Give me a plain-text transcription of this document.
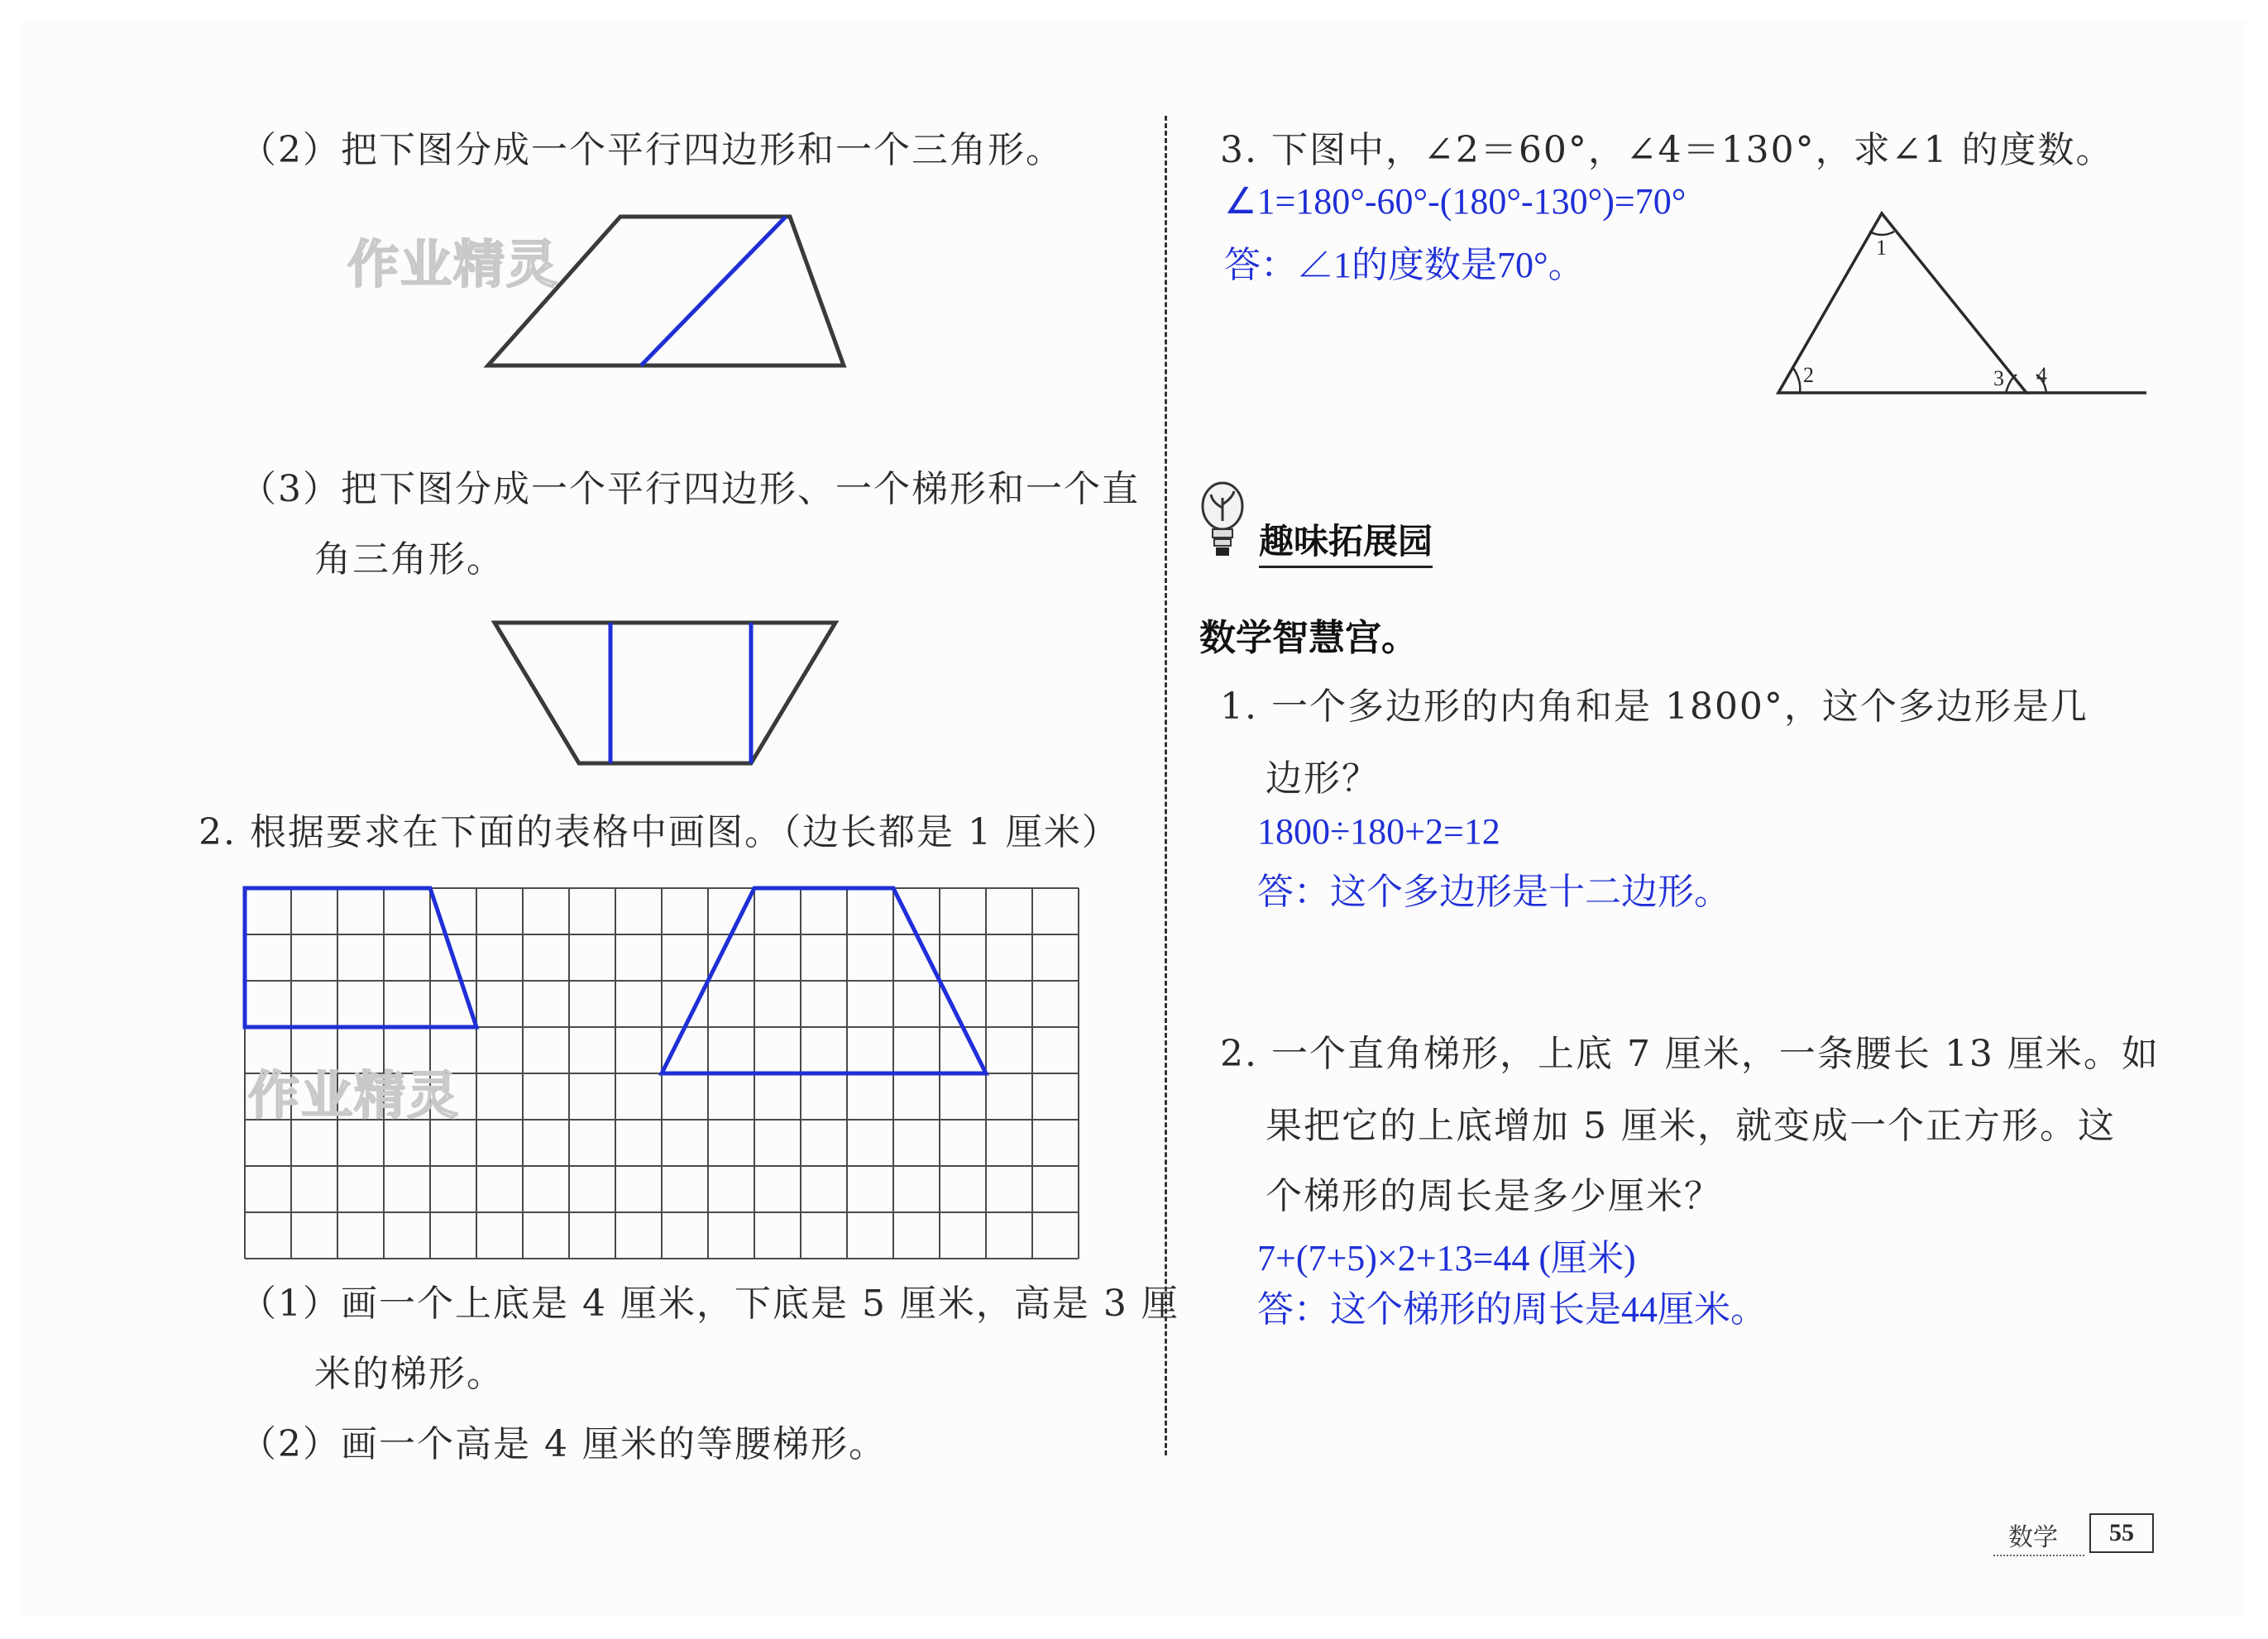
（2）把下图分成一个平行四边形和一个三角形。
作业精灵
（3）把下图分成一个平行四边形、一个梯形和一个直
角三角形。
2. 根据要求在下面的表格中画图。（边长都是 1 厘米）
作业精灵
（1）画一个上底是 4 厘米，下底是 5 厘米，高是 3 厘
米的梯形。
（2）画一个高是 4 厘米的等腰梯形。
3. 下图中，∠2＝60°，∠4＝130°，求∠1 的度数。
∠1=180°-60°-(180°-130°)=70°
答：∠1的度数是70°。	1
2	3 4
趣味拓展园
数学智慧宫。
1. 一个多边形的内角和是 1800°，这个多边形是几
边形？
1800÷180+2=12
答：这个多边形是十二边形。
2. 一个直角梯形，上底 7 厘米，一条腰长 13 厘米。如
果把它的上底增加 5 厘米，就变成一个正方形。这
个梯形的周长是多少厘米？
7+(7+5)×2+13=44 (厘米)
答：这个梯形的周长是44厘米。
数学	55
